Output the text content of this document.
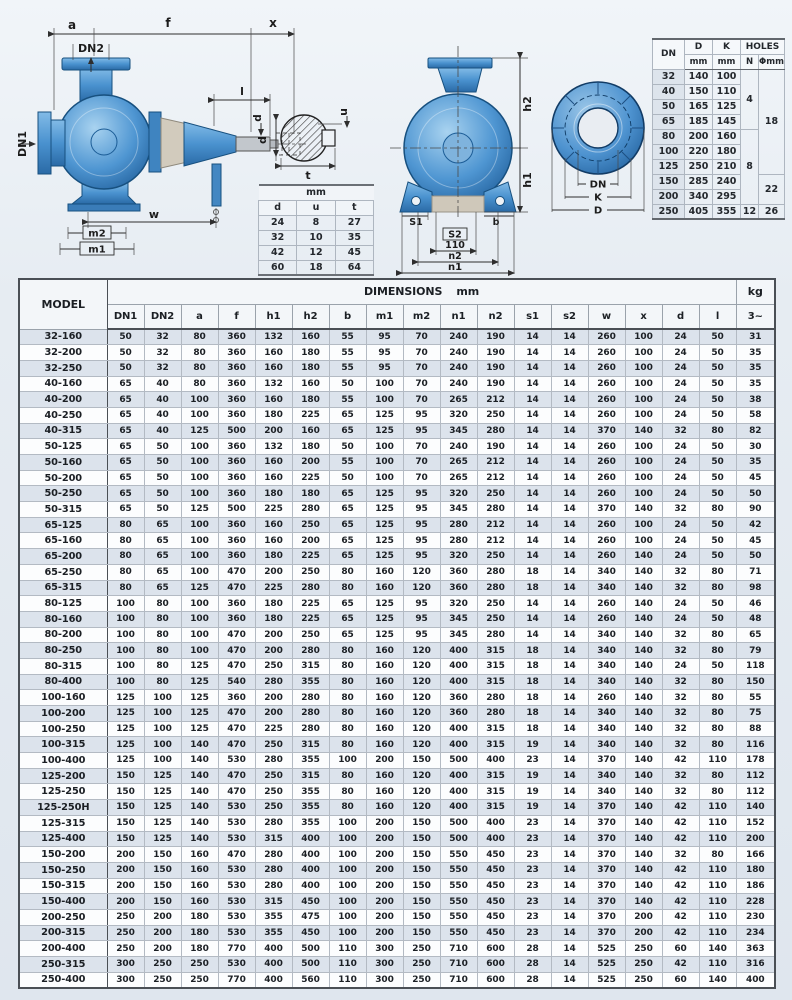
a	f	x
DN2
DN1
l
d
w
m2
m1
d
u
t
mm		
d	u	t
24	8	27
32	10	35
42	12	45
60	18	64
h2
h1
S1	b
S2
110
n2
n1
DN
K
D
DN	D	K	HOLES	
	mm	mm	N	Φmm
32	140	100	4	18
40	150	110		
50	165	125		
65	185	145		
80	200	160	8	
100	220	180		
125	250	210		
150	285	240		22
200	340	295		
250	405	355	12	26
MODEL	DIMENSIONS mm																	kg
	DN1	DN2	a	f	h1	h2	b	m1	m2	n1	n2	s1	s2	w	x	d	l	3~
32-160	50	32	80	360	132	160	55	95	70	240	190	14	14	260	100	24	50	31
32-200	50	32	80	360	160	180	55	95	70	240	190	14	14	260	100	24	50	35
32-250	50	32	80	360	160	180	55	95	70	240	190	14	14	260	100	24	50	35
40-160	65	40	80	360	132	160	50	100	70	240	190	14	14	260	100	24	50	35
40-200	65	40	100	360	160	180	55	100	70	265	212	14	14	260	100	24	50	38
40-250	65	40	100	360	180	225	65	125	95	320	250	14	14	260	100	24	50	58
40-315	65	40	125	500	200	160	65	125	95	345	280	14	14	370	140	32	80	82
50-125	65	50	100	360	132	180	50	100	70	240	190	14	14	260	100	24	50	30
50-160	65	50	100	360	160	200	55	100	70	265	212	14	14	260	100	24	50	35
50-200	65	50	100	360	160	225	50	100	70	265	212	14	14	260	100	24	50	45
50-250	65	50	100	360	180	180	65	125	95	320	250	14	14	260	100	24	50	50
50-315	65	50	125	500	225	280	65	125	95	345	280	14	14	370	140	32	80	90
65-125	80	65	100	360	160	250	65	125	95	280	212	14	14	260	100	24	50	42
65-160	80	65	100	360	160	200	65	125	95	280	212	14	14	260	100	24	50	45
65-200	80	65	100	360	180	225	65	125	95	320	250	14	14	260	140	24	50	50
65-250	80	65	100	470	200	250	80	160	120	360	280	18	14	340	140	32	80	71
65-315	80	65	125	470	225	280	80	160	120	360	280	18	14	340	140	32	80	98
80-125	100	80	100	360	180	225	65	125	95	320	250	14	14	260	140	24	50	46
80-160	100	80	100	360	180	225	65	125	95	345	250	14	14	260	140	24	50	48
80-200	100	80	100	470	200	250	65	125	95	345	280	14	14	340	140	32	80	65
80-250	100	80	100	470	200	280	80	160	120	400	315	18	14	340	140	32	80	79
80-315	100	80	125	470	250	315	80	160	120	400	315	18	14	340	140	24	50	118
80-400	100	80	125	540	280	355	80	160	120	400	315	18	14	340	140	32	80	150
100-160	125	100	125	360	200	280	80	160	120	360	280	18	14	260	140	32	80	55
100-200	125	100	125	470	200	280	80	160	120	360	280	18	14	340	140	32	80	75
100-250	125	100	125	470	225	280	80	160	120	400	315	18	14	340	140	32	80	88
100-315	125	100	140	470	250	315	80	160	120	400	315	19	14	340	140	32	80	116
100-400	125	100	140	530	280	355	100	200	150	500	400	23	14	370	140	42	110	178
125-200	150	125	140	470	250	315	80	160	120	400	315	19	14	340	140	32	80	112
125-250	150	125	140	470	250	355	80	160	120	400	315	19	14	340	140	32	80	112
125-250H	150	125	140	530	250	355	80	160	120	400	315	19	14	370	140	42	110	140
125-315	150	125	140	530	280	355	100	200	150	500	400	23	14	370	140	42	110	152
125-400	150	125	140	530	315	400	100	200	150	500	400	23	14	370	140	42	110	200
150-200	200	150	160	470	280	400	100	200	150	550	450	23	14	370	140	32	80	166
150-250	200	150	160	530	280	400	100	200	150	550	450	23	14	370	140	42	110	180
150-315	200	150	160	530	280	400	100	200	150	550	450	23	14	370	140	42	110	186
150-400	200	150	160	530	315	450	100	200	150	550	450	23	14	370	140	42	110	228
200-250	250	200	180	530	355	475	100	200	150	550	450	23	14	370	200	42	110	230
200-315	250	200	180	530	355	450	100	200	150	550	450	23	14	370	200	42	110	234
200-400	250	200	180	770	400	500	110	300	250	710	600	28	14	525	250	60	140	363
250-315	300	250	250	530	400	500	110	300	250	710	600	28	14	525	250	42	110	316
250-400	300	250	250	770	400	560	110	300	250	710	600	28	14	525	250	60	140	400
